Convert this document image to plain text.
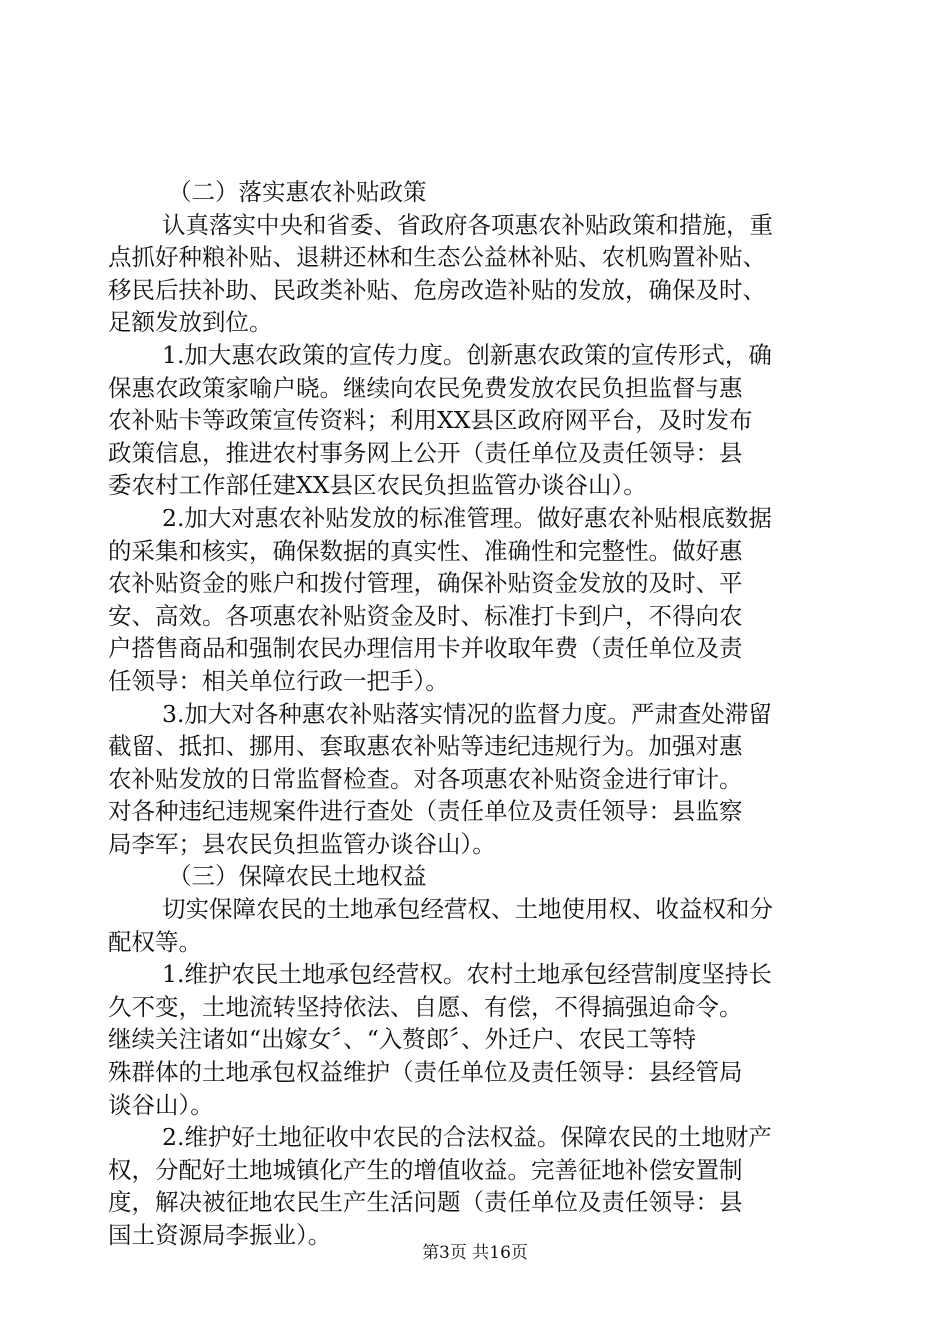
（二）落实惠农补贴政策
认真落实中央和省委、省政府各项惠农补贴政策和措施，重
点抓好种粮补贴、退耕还林和生态公益林补贴、农机购置补贴、
移民后扶补助、民政类补贴、危房改造补贴的发放，确保及时、
足额发放到位。
1.加大惠农政策的宣传力度。创新惠农政策的宣传形式，确
保惠农政策家喻户晓。继续向农民免费发放农民负担监督与惠
农补贴卡等政策宣传资料；利用XX县区政府网平台，及时发布
政策信息，推进农村事务网上公开（责任单位及责任领导：县
委农村工作部任建XX县区农民负担监管办谈谷山）。
2.加大对惠农补贴发放的标准管理。做好惠农补贴根底数据
的采集和核实，确保数据的真实性、准确性和完整性。做好惠
农补贴资金的账户和拨付管理，确保补贴资金发放的及时、平
安、高效。各项惠农补贴资金及时、标准打卡到户，不得向农
户搭售商品和强制农民办理信用卡并收取年费（责任单位及责
任领导：相关单位行政一把手）。
3.加大对各种惠农补贴落实情况的监督力度。严肃查处滞留
截留、抵扣、挪用、套取惠农补贴等违纪违规行为。加强对惠
农补贴发放的日常监督检查。对各项惠农补贴资金进行审计。
对各种违纪违规案件进行查处（责任单位及责任领导：县监察
局李军；县农民负担监管办谈谷山）。
（三）保障农民土地权益
切实保障农民的土地承包经营权、土地使用权、收益权和分
配权等。
1.维护农民土地承包经营权。农村土地承包经营制度坚持长
久不变，土地流转坚持依法、自愿、有偿，不得搞强迫命令。
继续关注诸如“出嫁女〞、“入赘郎〞、外迁户、农民工等特
殊群体的土地承包权益维护（责任单位及责任领导：县经管局
谈谷山）。
2.维护好土地征收中农民的合法权益。保障农民的土地财产
权，分配好土地城镇化产生的增值收益。完善征地补偿安置制
度，解决被征地农民生产生活问题（责任单位及责任领导：县
国土资源局李振业）。
第3页 共16页
